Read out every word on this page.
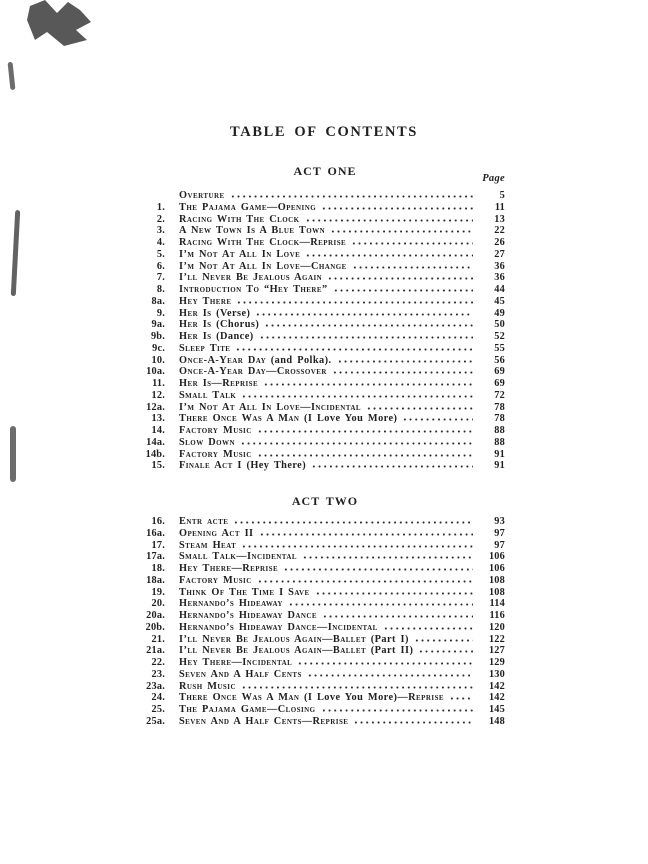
TABLE OF CONTENTS
ACT ONE
Page
Overture	5
1. The Pajama Game—Opening	11
2. Racing With The Clock	13
3. A New Town Is A Blue Town	22
4. Racing With The Clock—Reprise	26
5. I’m Not At All In Love	27
6. I’m Not At All In Love—Change	36
7. I’ll Never Be Jealous Again	36
8. Introduction To “Hey There”	44
8a. Hey There	45
9. Her Is (Verse)	49
9a. Her Is (Chorus)	50
9b. Her Is (Dance)	52
9c. Sleep Tite	55
10. Once-A-Year Day (and Polka).	56
10a. Once-A-Year Day—Crossover	69
11. Her Is—Reprise	69
12. Small Talk	72
12a. I’m Not At All In Love—Incidental	78
13. There Once Was A Man (I Love You More)	78
14. Factory Music	88
14a. Slow Down	88
14b. Factory Music	91
15. Finale Act I (Hey There)	91
ACT TWO
16. Entr acte	93
16a. Opening Act II	97
17. Steam Heat	97
17a. Small Talk—Incidental	106
18. Hey There—Reprise	106
18a. Factory Music	108
19. Think Of The Time I Save	108
20. Hernando’s Hideaway	114
20a. Hernando’s Hideaway Dance	116
20b. Hernando’s Hideaway Dance—Incidental	120
21. I’ll Never Be Jealous Again—Ballet (Part I)	122
21a. I’ll Never Be Jealous Again—Ballet (Part II)	127
22. Hey There—Incidental	129
23. Seven And A Half Cents	130
23a. Rush Music	142
24. There Once Was A Man (I Love You More)—Reprise	142
25. The Pajama Game—Closing	145
25a. Seven And A Half Cents—Reprise	148
